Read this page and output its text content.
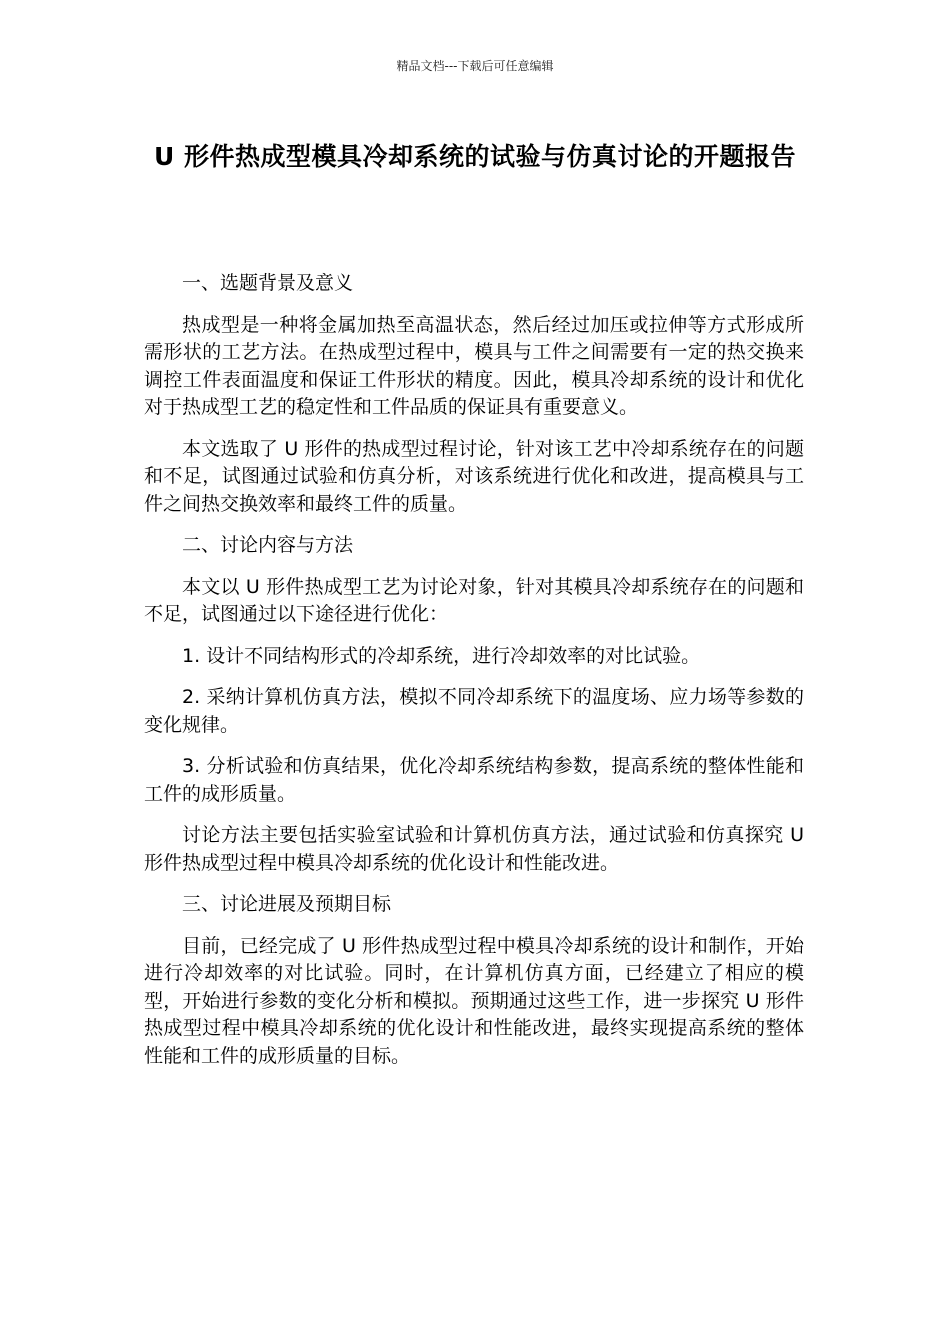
精品文档---下载后可任意编辑
U 形件热成型模具冷却系统的试验与仿真讨论的开题报告

一、选题背景及意义

热成型是一种将金属加热至高温状态，然后经过加压或拉伸等方式形成所需形状的工艺方法。在热成型过程中，模具与工件之间需要有一定的热交换来调控工件表面温度和保证工件形状的精度。因此，模具冷却系统的设计和优化对于热成型工艺的稳定性和工件品质的保证具有重要意义。

本文选取了 U 形件的热成型过程讨论，针对该工艺中冷却系统存在的问题和不足，试图通过试验和仿真分析，对该系统进行优化和改进，提高模具与工件之间热交换效率和最终工件的质量。

二、讨论内容与方法

本文以 U 形件热成型工艺为讨论对象，针对其模具冷却系统存在的问题和不足，试图通过以下途径进行优化：

1. 设计不同结构形式的冷却系统，进行冷却效率的对比试验。

2. 采纳计算机仿真方法，模拟不同冷却系统下的温度场、应力场等参数的变化规律。

3. 分析试验和仿真结果，优化冷却系统结构参数，提高系统的整体性能和工件的成形质量。

讨论方法主要包括实验室试验和计算机仿真方法，通过试验和仿真探究 U 形件热成型过程中模具冷却系统的优化设计和性能改进。

三、讨论进展及预期目标

目前，已经完成了 U 形件热成型过程中模具冷却系统的设计和制作，开始进行冷却效率的对比试验。同时，在计算机仿真方面，已经建立了相应的模型，开始进行参数的变化分析和模拟。预期通过这些工作，进一步探究 U 形件热成型过程中模具冷却系统的优化设计和性能改进，最终实现提高系统的整体性能和工件的成形质量的目标。
